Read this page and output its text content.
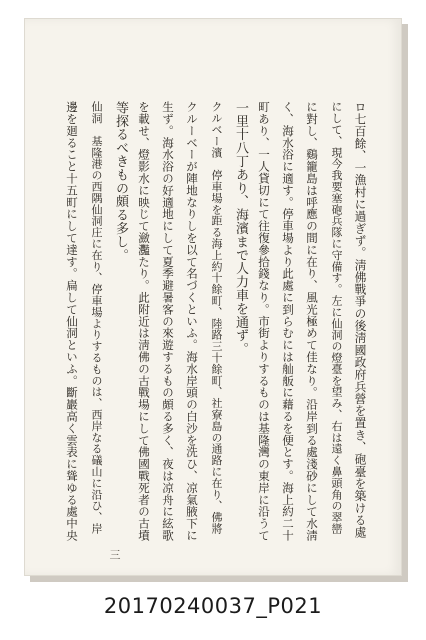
ロ七百餘、一漁村に過ぎず。淸佛戰爭の後淸國政府兵營を置き、砲臺を築ける處
にして、現今我要塞砲兵隊に守備す。左に仙洞の燈臺を望み、右は遠く鼻頭角の翠巒
に對し、鷄籠島は呼應の間に在り、風光極めて佳なり。沿岸到る處淺砂にして水淸
く、海水浴に適す。停車場より此處に到らむには舢舨に藉るを便とす。海上約二十
町あり、一人貸切にて往復參拾錢なり。市街よりするものは基隆灣の東岸に沿うて
一里十八丁あり、海濱まで人力車を通ず。
クルベー濱　停車場を距る海上約十餘町、陸路三十餘町、社寮島の通路に在り、佛將
クルーベーが陣地なりしを以て名づくといふ。海水岸頭の白沙を洗ひ、凉氣腋下に
生ず。海水浴の好適地にして夏季避暑客の來遊するもの頗る多く、夜は凉舟に絃歌
を載せ、燈影水に映じて瀲灩たり。此附近は淸佛の古戰場にして佛國戰死者の古墳
等探るべきもの頗る多し。
仙洞　基隆港の西隅仙洞庄に在り、停車場よりするものは、西岸なる礒山に沿ひ、岸
邊を廻ること十五町にして達す。扁して仙洞といふ。斷巖高く雲表に聳ゆる處中央
三
20170240037_P021
